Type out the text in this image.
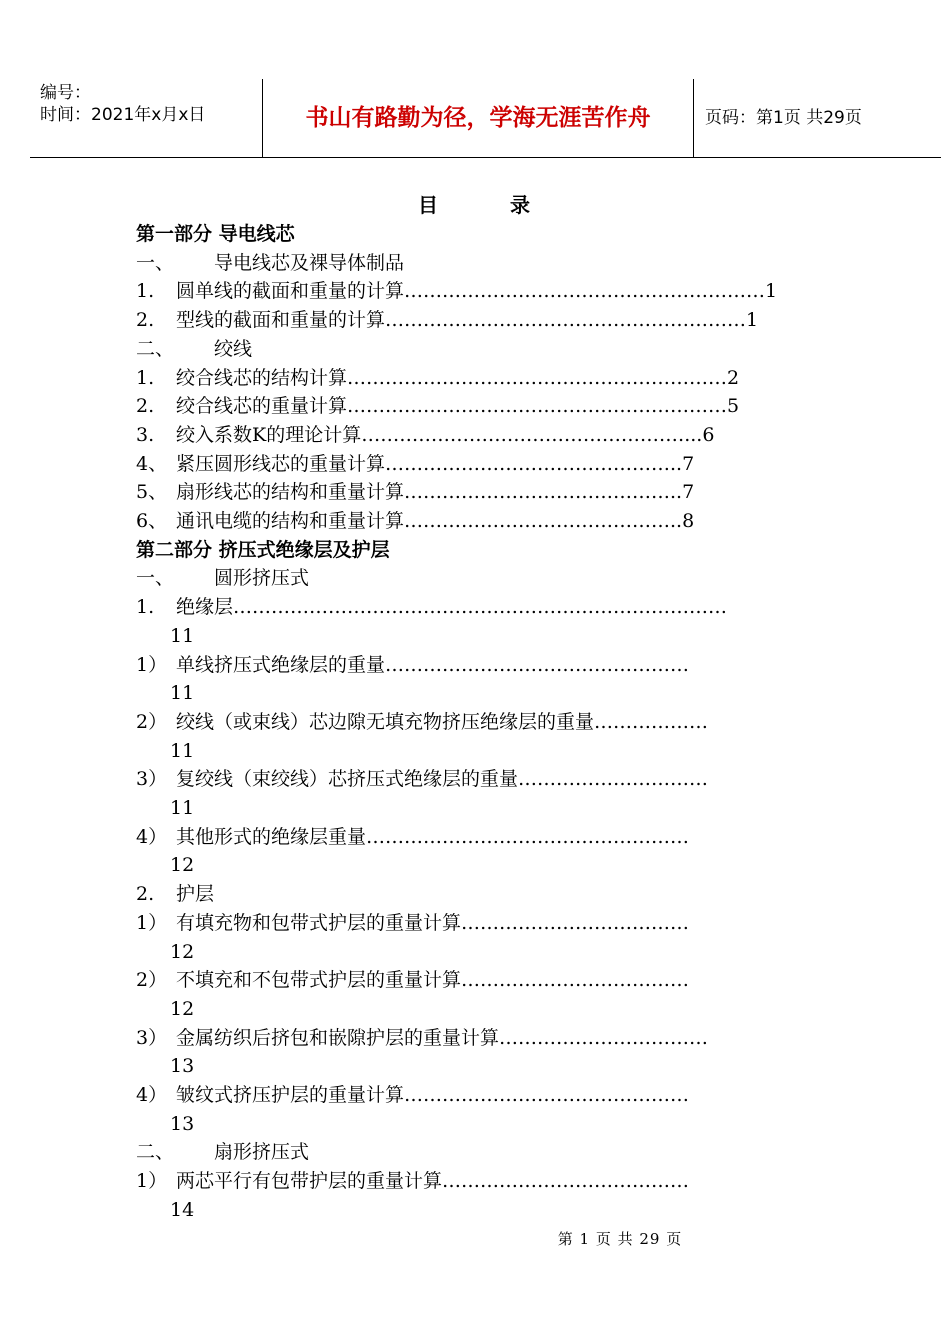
编号：
时间：2021年x月x日	书山有路勤为径，学海无涯苦作舟	页码：第1页 共29页
目	录
第一部分 导电线芯
一、 导电线芯及裸导体制品
1. 圆单线的截面和重量的计算…………………………………………………1
2. 型线的截面和重量的计算…………………………………………………1
二、 绞线
1. 绞合线芯的结构计算……………………………………………………2
2. 绞合线芯的重量计算……………………………………………………5
3. 绞入系数K的理论计算……………………………………………...6
4、 紧压圆形线芯的重量计算………………………………………..7
5、 扇形线芯的结构和重量计算……………………………………..7
6、 通讯电缆的结构和重量计算……………………………………..8
第二部分 挤压式绝缘层及护层
一、 圆形挤压式
1. 绝缘层……………………………………………………………………
11
1） 单线挤压式绝缘层的重量…………………………………………
11
2） 绞线（或束线）芯边隙无填充物挤压绝缘层的重量………………
11
3） 复绞线（束绞线）芯挤压式绝缘层的重量…………………………
11
4） 其他形式的绝缘层重量……………………………………………
12
2. 护层
1） 有填充物和包带式护层的重量计算………………………………
12
2） 不填充和不包带式护层的重量计算………………………………
12
3） 金属纺织后挤包和嵌隙护层的重量计算……………………………
13
4） 皱纹式挤压护层的重量计算………………………………………
13
二、 扇形挤压式
1） 两芯平行有包带护层的重量计算…………………………………
14
第 1 页 共 29 页
